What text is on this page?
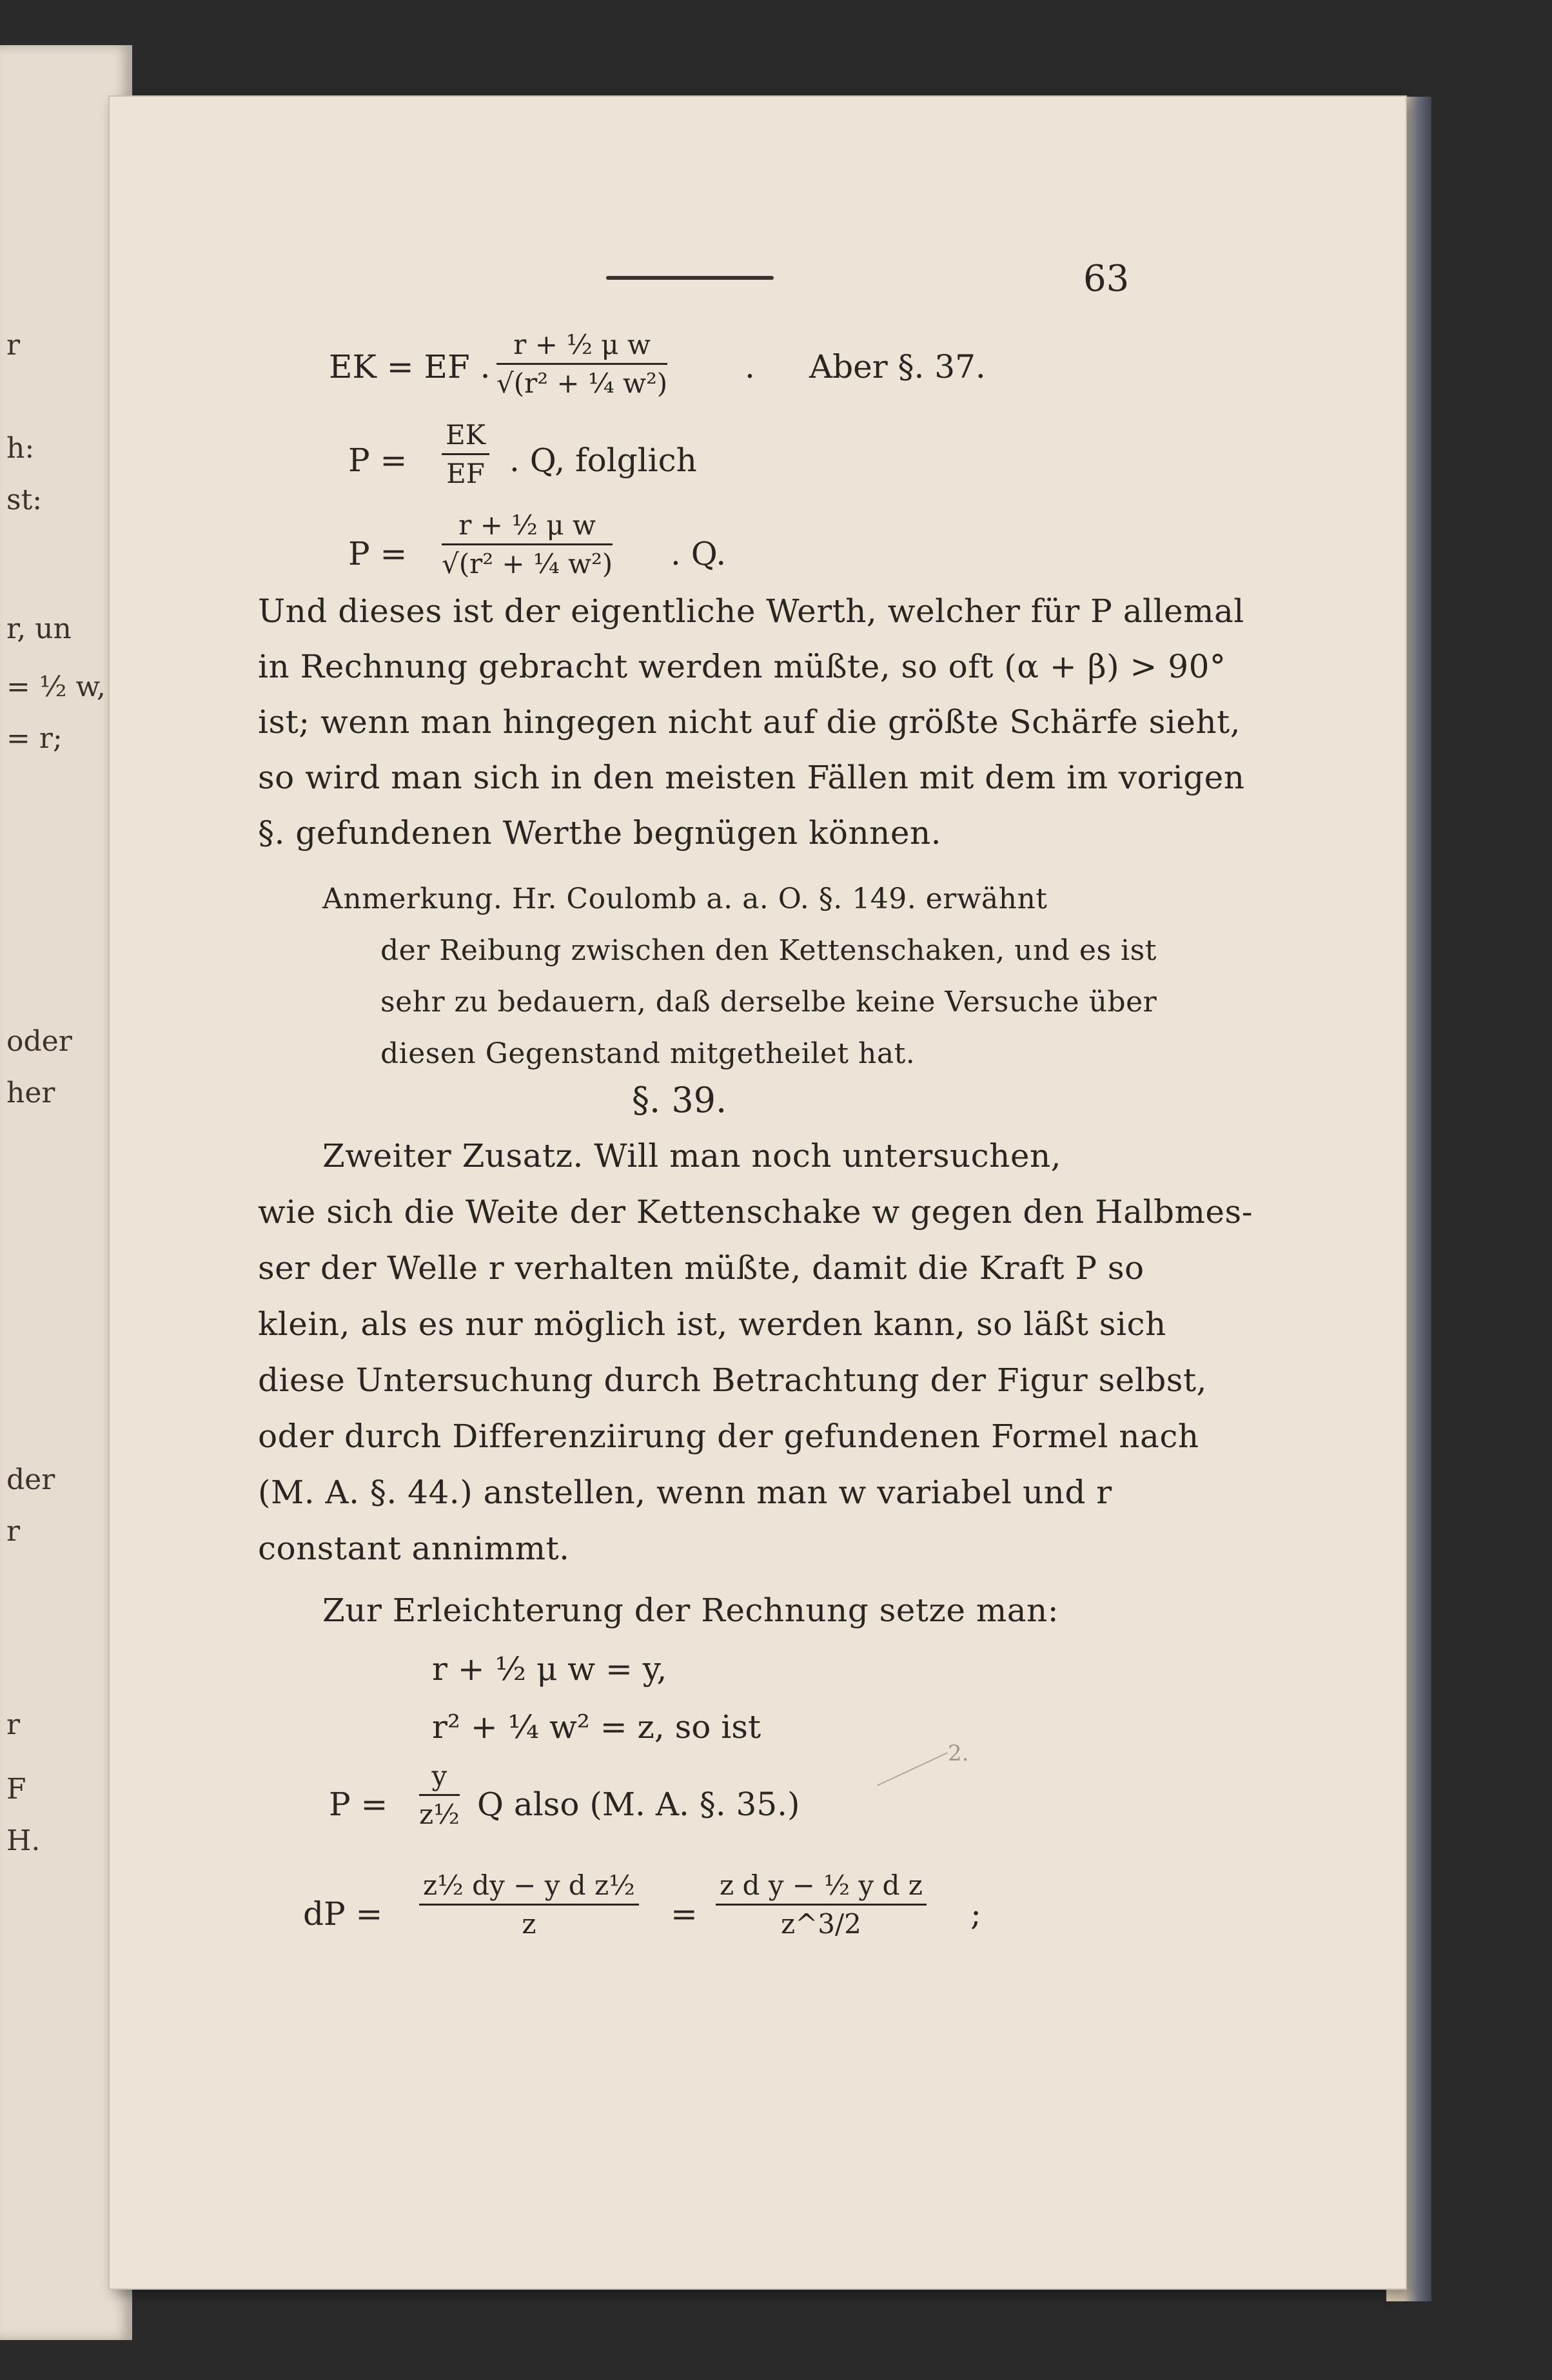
r
h:
st:
r, un
= ½ w,
= r;
oder
her
der
r
r
F
H.
63
EK = EF . $\frac{\text{r + ½ μ w}}{\text{√(r² + ¼ w²)}}$ . Aber §. 37.
$P = \frac{EK}{EF}$ . Q, folglich
$P = \frac{\text{r + ½ μ w}}{\text{√(r² + ¼ w²)}}$ . Q.
Und dieses ist der eigentliche Werth, welcher für P allemal
in Rechnung gebracht werden müßte, so oft (α + β) > 90°
ist; wenn man hingegen nicht auf die größte Schärfe sieht,
so wird man sich in den meisten Fällen mit dem im vorigen
§. gefundenen Werthe begnügen können.
Anmerkung. Hr. Coulomb a. a. O. §. 149. erwähnt
der Reibung zwischen den Kettenschaken, und es ist
sehr zu bedauern, daß derselbe keine Versuche über
diesen Gegenstand mitgetheilet hat.
§. 39.
Zweiter Zusatz. Will man noch untersuchen,
wie sich die Weite der Kettenschake w gegen den Halbmes-
ser der Welle r verhalten müßte, damit die Kraft P so
klein, als es nur möglich ist, werden kann, so läßt sich
diese Untersuchung durch Betrachtung der Figur selbst,
oder durch Differenziirung der gefundenen Formel nach
(M. A. §. 44.) anstellen, wenn man w variabel und r
constant annimmt.
Zur Erleichterung der Rechnung setze man:
r + ½ μ w = y,
r² + ¼ w² = z, so ist
$P = \frac{y}{\text{z½}}$ Q also (M. A. §. 35.)
dP = $\frac{\text{z½ dy − y d z½}}{z} = \frac{\text{z d y − ½ y d z}}{z\^{}3/2}$ ;
2.
